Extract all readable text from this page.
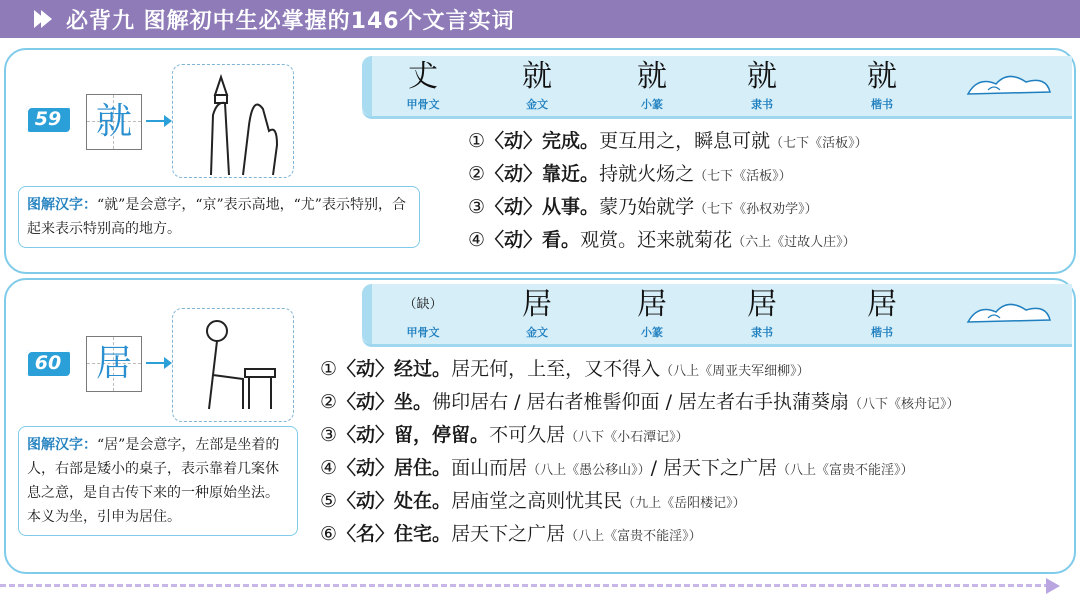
必背九 图解初中生必掌握的146个文言实词
𠀋
甲骨文
就
金文
就
小篆
就
隶书
就
楷书
59 就
图解汉字：“就”是会意字，“京”表示高地，“尤”表示特别，合起来表示特别高的地方。
①〈动〉完成。更互用之，瞬息可就（七下《活板》）
②〈动〉靠近。持就火炀之（七下《活板》）
③〈动〉从事。蒙乃始就学（七下《孙权劝学》）
④〈动〉看。观赏。还来就菊花（六上《过故人庄》）
（缺）
甲骨文
居
金文
居
小篆
居
隶书
居
楷书
60 居
图解汉字：“居”是会意字，左部是坐着的人，右部是矮小的桌子，表示靠着几案休息之意，是自古传下来的一种原始坐法。本义为坐，引申为居住。
①〈动〉经过。居无何，上至，又不得入（八上《周亚夫军细柳》）
②〈动〉坐。佛印居右 / 居右者椎髻仰面 / 居左者右手执蒲葵扇（八下《核舟记》）
③〈动〉留，停留。不可久居（八下《小石潭记》）
④〈动〉居住。面山而居（八上《愚公移山》）/ 居天下之广居（八上《富贵不能淫》）
⑤〈动〉处在。居庙堂之高则忧其民（九上《岳阳楼记》）
⑥〈名〉住宅。居天下之广居（八上《富贵不能淫》）
